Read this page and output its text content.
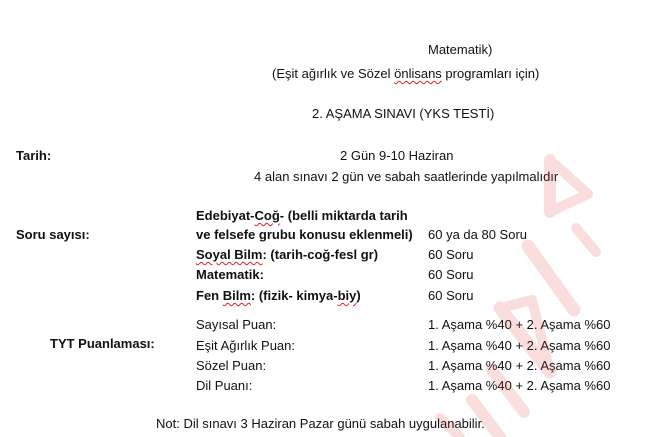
Matematik)
(Eşit ağırlık ve Sözel önlisans programları için)
2. AŞAMA SINAVI (YKS TESTİ)
Tarih:	2 Gün 9-10 Haziran
4 alan sınavı 2 gün ve sabah saatlerinde yapılmalıdır
Soru sayısı:
Edebiyat-Coğ- (belli miktarda tarih
ve felsefe grubu konusu eklenmeli) 60 ya da 80 Soru
Soyal Bilm: (tarih-coğ-fesl gr)	60 Soru
Matematik:	60 Soru
Fen Bilm: (fizik- kimya-biy)	60 Soru
TYT Puanlaması:
Sayısal Puan:	1. Aşama %40 + 2. Aşama %60
Eşit Ağırlık Puan:	1. Aşama %40 + 2. Aşama %60
Sözel Puan:	1. Aşama %40 + 2. Aşama %60
Dil Puanı:	1. Aşama %40 + 2. Aşama %60
Not: Dil sınavı 3 Haziran Pazar günü sabah uygulanabilir.
